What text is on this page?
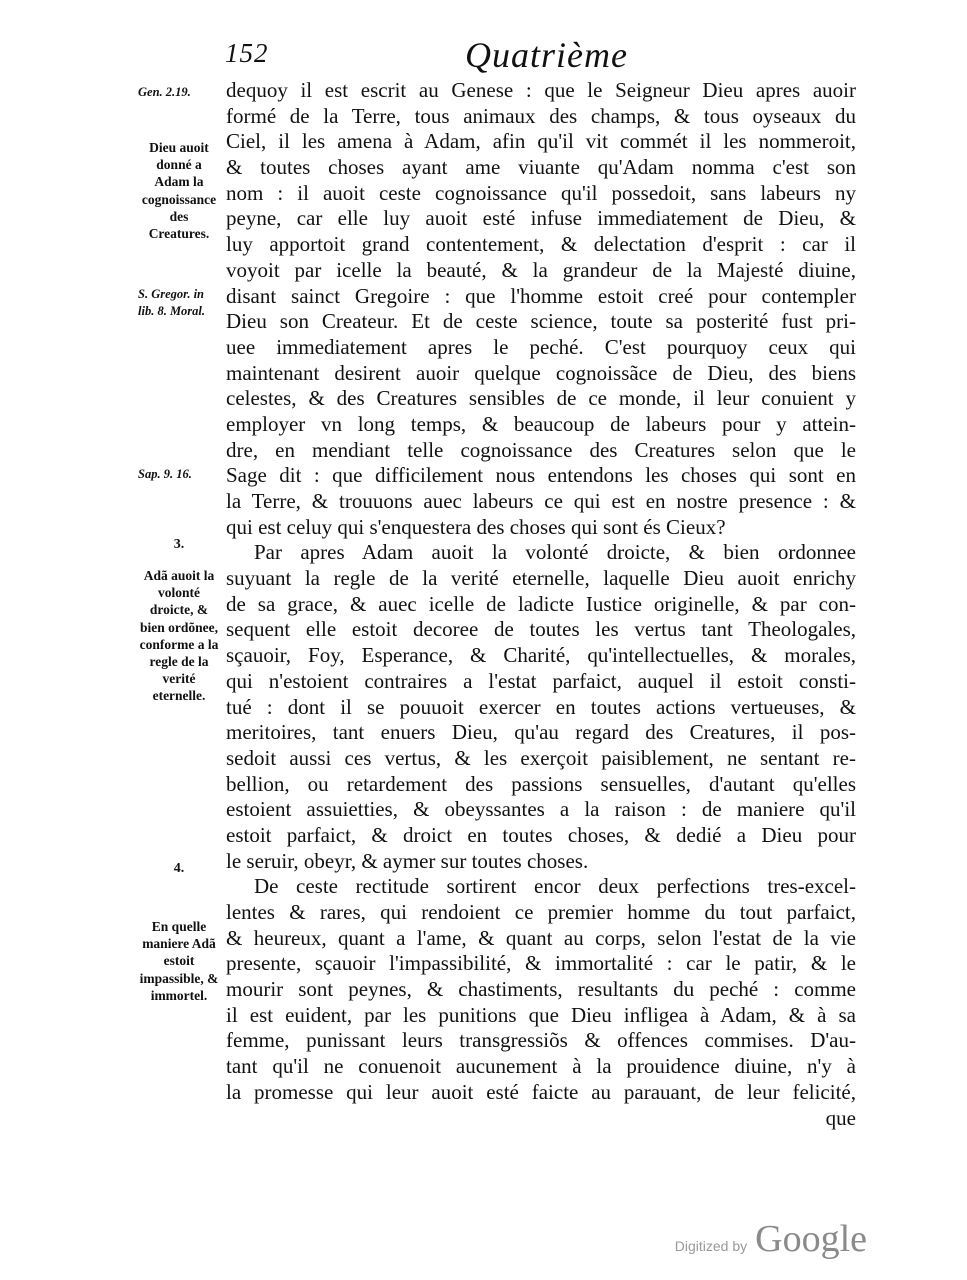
152	Quatrième
Gen. 2.19.
Dieu auoit donné a Adam la cognoissance des Creatures.
S. Gregor. in lib. 8. Moral.
Sap. 9. 16.
3.
Adã auoit la volonté droicte, & bien ordõnee, conforme a la regle de la verité eternelle.
4.
En quelle maniere Adã estoit impassible, & immortel.
dequoy il est escrit au Genese : que le Seigneur Dieu apres auoir
formé de la Terre, tous animaux des champs, & tous oyseaux du
Ciel, il les amena à Adam, afin qu'il vit commét il les nommeroit,
& toutes choses ayant ame viuante qu'Adam nomma c'est son
nom : il auoit ceste cognoissance qu'il possedoit, sans labeurs ny
peyne, car elle luy auoit esté infuse immediatement de Dieu, &
luy apportoit grand contentement, & delectation d'esprit : car il
voyoit par icelle la beauté, & la grandeur de la Majesté diuine,
disant sainct Gregoire : que l'homme estoit creé pour contempler
Dieu son Createur. Et de ceste science, toute sa posterité fust pri-
uee immediatement apres le peché. C'est pourquoy ceux qui
maintenant desirent auoir quelque cognoissãce de Dieu, des biens
celestes, & des Creatures sensibles de ce monde, il leur conuient y
employer vn long temps, & beaucoup de labeurs pour y attein-
dre, en mendiant telle cognoissance des Creatures selon que le
Sage dit : que difficilement nous entendons les choses qui sont en
la Terre, & trouuons auec labeurs ce qui est en nostre presence : &
qui est celuy qui s'enquestera des choses qui sont és Cieux?
Par apres Adam auoit la volonté droicte, & bien ordonnee
suyuant la regle de la verité eternelle, laquelle Dieu auoit enrichy
de sa grace, & auec icelle de ladicte Iustice originelle, & par con-
sequent elle estoit decoree de toutes les vertus tant Theologales,
sçauoir, Foy, Esperance, & Charité, qu'intellectuelles, & morales,
qui n'estoient contraires a l'estat parfaict, auquel il estoit consti-
tué : dont il se pouuoit exercer en toutes actions vertueuses, &
meritoires, tant enuers Dieu, qu'au regard des Creatures, il pos-
sedoit aussi ces vertus, & les exerçoit paisiblement, ne sentant re-
bellion, ou retardement des passions sensuelles, d'autant qu'elles
estoient assuietties, & obeyssantes a la raison : de maniere qu'il
estoit parfaict, & droict en toutes choses, & dedié a Dieu pour
le seruir, obeyr, & aymer sur toutes choses.
De ceste rectitude sortirent encor deux perfections tres-excel-
lentes & rares, qui rendoient ce premier homme du tout parfaict,
& heureux, quant a l'ame, & quant au corps, selon l'estat de la vie
presente, sçauoir l'impassibilité, & immortalité : car le patir, & le
mourir sont peynes, & chastiments, resultants du peché : comme
il est euident, par les punitions que Dieu infligea à Adam, & à sa
femme, punissant leurs transgressiõs & offences commises. D'au-
tant qu'il ne conuenoit aucunement à la prouidence diuine, n'y à
la promesse qui leur auoit esté faicte au parauant, de leur felicité,
que
Digitized by Google
